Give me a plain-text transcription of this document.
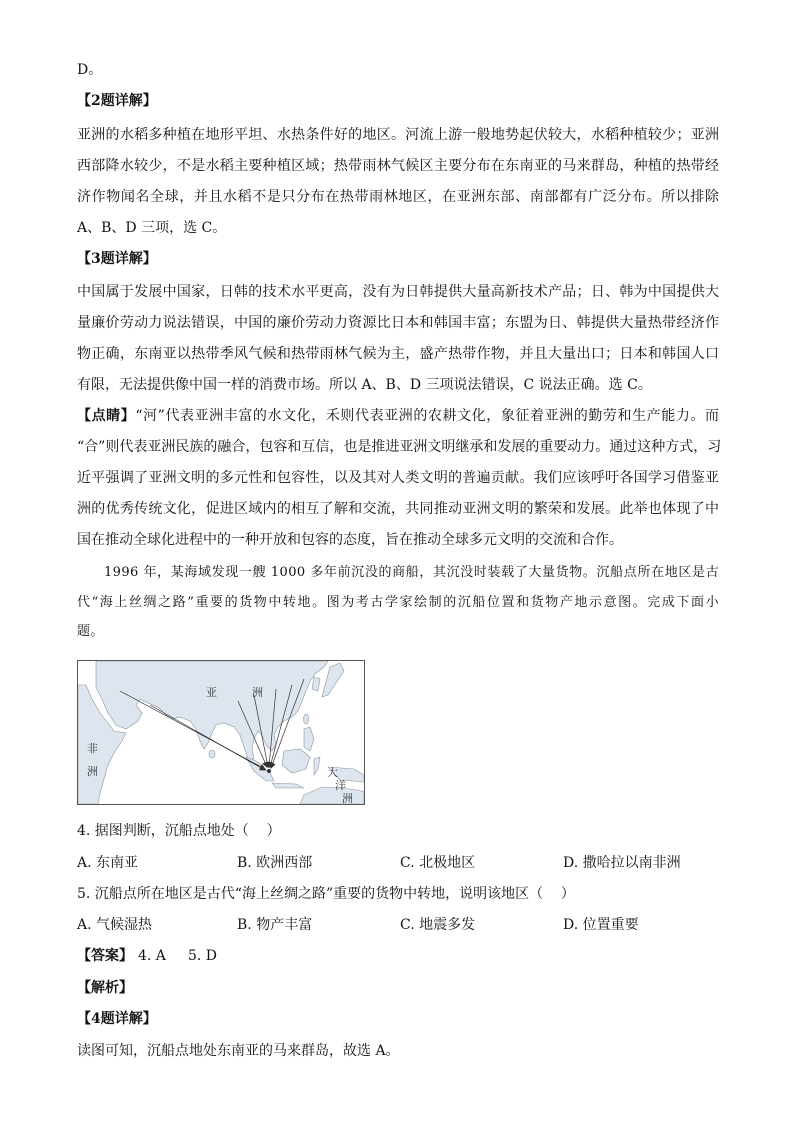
D。
【2题详解】
亚洲的水稻多种植在地形平坦、水热条件好的地区。河流上游一般地势起伏较大，水稻种植较少；亚洲
西部降水较少，不是水稻主要种植区域；热带雨林气候区主要分布在东南亚的马来群岛，种植的热带经
济作物闻名全球，并且水稻不是只分布在热带雨林地区，在亚洲东部、南部都有广泛分布。所以排除
A、B、D 三项，选 C。
【3题详解】
中国属于发展中国家，日韩的技术水平更高，没有为日韩提供大量高新技术产品；日、韩为中国提供大
量廉价劳动力说法错误，中国的廉价劳动力资源比日本和韩国丰富；东盟为日、韩提供大量热带经济作
物正确，东南亚以热带季风气候和热带雨林气候为主，盛产热带作物，并且大量出口；日本和韩国人口
有限，无法提供像中国一样的消费市场。所以 A、B、D 三项说法错误，C 说法正确。选 C。
【点睛】“河”代表亚洲丰富的水文化，禾则代表亚洲的农耕文化，象征着亚洲的勤劳和生产能力。而
“合”则代表亚洲民族的融合，包容和互信，也是推进亚洲文明继承和发展的重要动力。通过这种方式，习
近平强调了亚洲文明的多元性和包容性，以及其对人类文明的普遍贡献。我们应该呼吁各国学习借鉴亚
洲的优秀传统文化，促进区域内的相互了解和交流，共同推动亚洲文明的繁荣和发展。此举也体现了中
国在推动全球化进程中的一种开放和包容的态度，旨在推动全球多元文明的交流和合作。
1996 年，某海域发现一艘 1000 多年前沉没的商船，其沉没时装载了大量货物。沉船点所在地区是古
代“海上丝绸之路”重要的货物中转地。图为考古学家绘制的沉船位置和货物产地示意图。完成下面小
题。
亚	洲
非
洲	大
洋
洲
4. 据图判断，沉船点地处（    ）
A. 东南亚	B. 欧洲西部	C. 北极地区	D. 撒哈拉以南非洲
5. 沉船点所在地区是古代“海上丝绸之路”重要的货物中转地，说明该地区（    ）
A. 气候湿热	B. 物产丰富	C. 地震多发	D. 位置重要
【答案】 4. A 5. D
【解析】
【4题详解】
读图可知，沉船点地处东南亚的马来群岛，故选 A。
